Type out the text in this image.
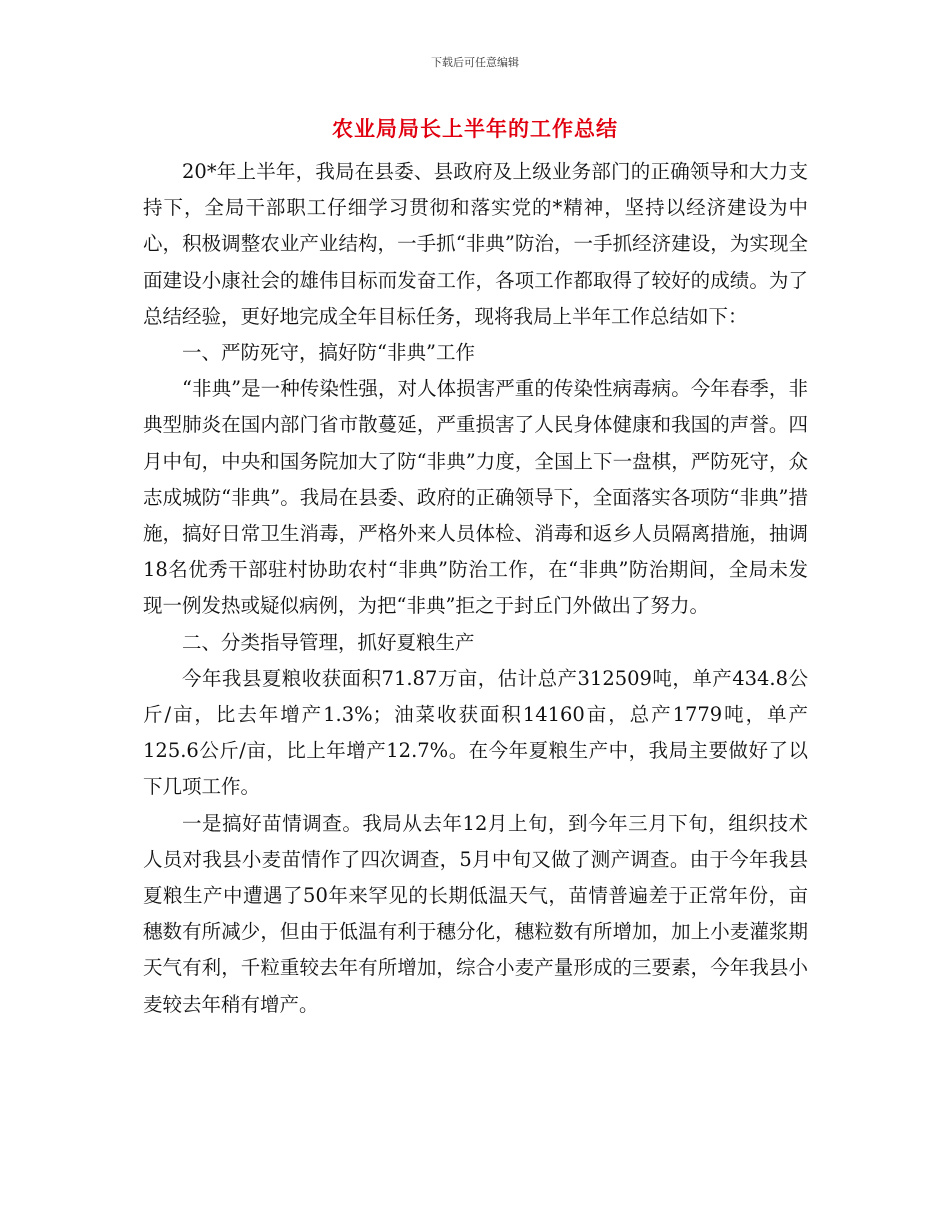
下载后可任意编辑
农业局局长上半年的工作总结

20*年上半年，我局在县委、县政府及上级业务部门的正确领导和大力支持下，全局干部职工仔细学习贯彻和落实党的*精神，坚持以经济建设为中心，积极调整农业产业结构，一手抓“非典”防治，一手抓经济建设，为实现全面建设小康社会的雄伟目标而发奋工作，各项工作都取得了较好的成绩。为了总结经验，更好地完成全年目标任务，现将我局上半年工作总结如下：

一、严防死守，搞好防“非典”工作

“非典”是一种传染性强，对人体损害严重的传染性病毒病。今年春季，非典型肺炎在国内部门省市散蔓延，严重损害了人民身体健康和我国的声誉。四月中旬，中央和国务院加大了防“非典”力度，全国上下一盘棋，严防死守，众志成城防“非典”。我局在县委、政府的正确领导下，全面落实各项防“非典”措施，搞好日常卫生消毒，严格外来人员体检、消毒和返乡人员隔离措施，抽调18名优秀干部驻村协助农村“非典”防治工作，在“非典”防治期间，全局未发现一例发热或疑似病例，为把“非典”拒之于封丘门外做出了努力。

二、分类指导管理，抓好夏粮生产

今年我县夏粮收获面积71.87万亩，估计总产312509吨，单产434.8公斤/亩，比去年增产1.3%；油菜收获面积14160亩，总产1779吨，单产125.6公斤/亩，比上年增产12.7%。在今年夏粮生产中，我局主要做好了以下几项工作。

一是搞好苗情调查。我局从去年12月上旬，到今年三月下旬，组织技术人员对我县小麦苗情作了四次调查，5月中旬又做了测产调查。由于今年我县夏粮生产中遭遇了50年来罕见的长期低温天气，苗情普遍差于正常年份，亩穗数有所减少，但由于低温有利于穗分化，穗粒数有所增加，加上小麦灌浆期天气有利，千粒重较去年有所增加，综合小麦产量形成的三要素，今年我县小麦较去年稍有增产。
